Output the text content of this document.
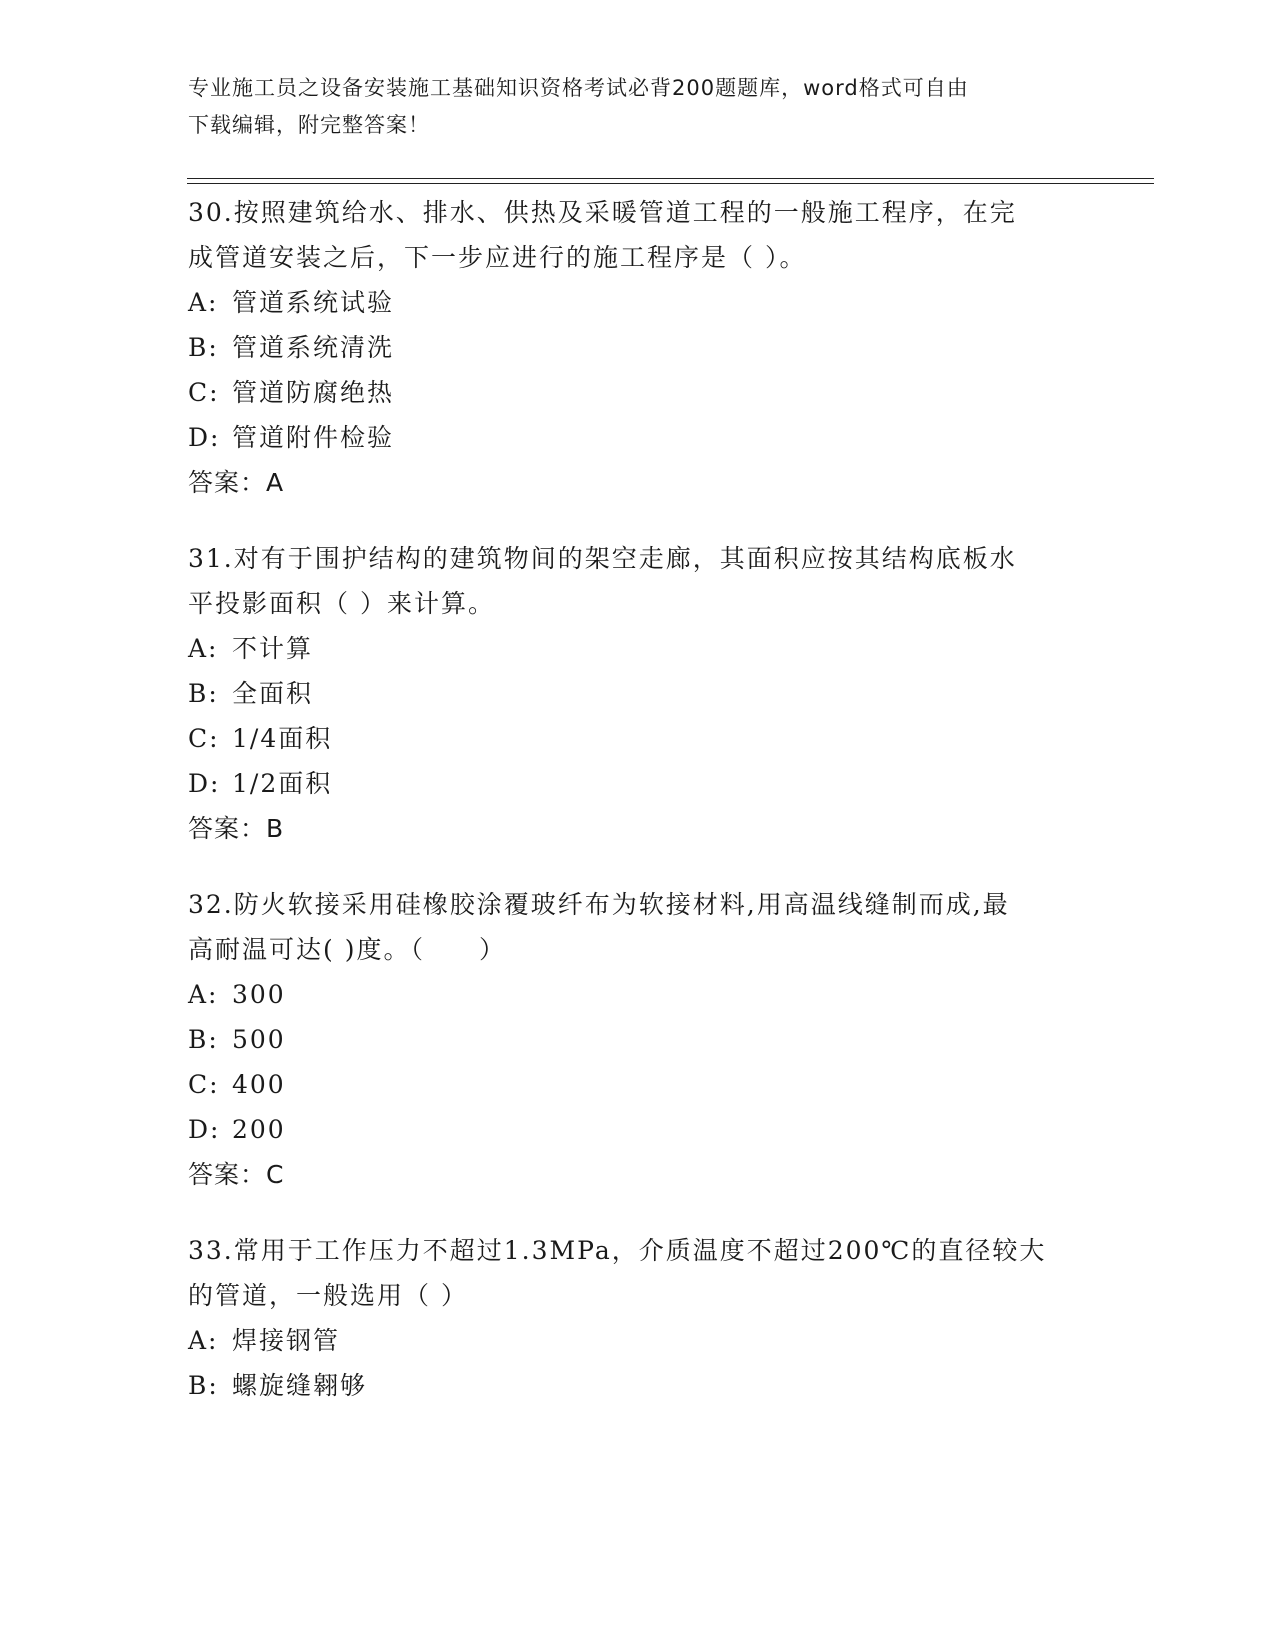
专业施工员之设备安装施工基础知识资格考试必背200题题库，word格式可自由
下载编辑，附完整答案！
30.按照建筑给水、排水、供热及采暖管道工程的一般施工程序，在完
成管道安装之后，下一步应进行的施工程序是（ ）。
A: 管道系统试验
B: 管道系统清洗
C: 管道防腐绝热
D: 管道附件检验
答案：A
31.对有于围护结构的建筑物间的架空走廊，其面积应按其结构底板水
平投影面积（ ）来计算。
A: 不计算
B: 全面积
C: 1/4面积
D: 1/2面积
答案：B
32.防火软接采用硅橡胶涂覆玻纤布为软接材料,用高温线缝制而成,最
高耐温可达( )度。（　　）
A: 300
B: 500
C: 400
D: 200
答案：C
33.常用于工作压力不超过1.3MPa，介质温度不超过200℃的直径较大
的管道，一般选用（ ）
A: 焊接钢管
B: 螺旋缝翱够
